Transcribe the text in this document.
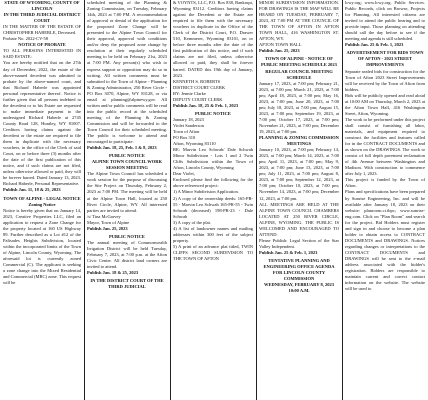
STATE OF WYOMING, COUNTY OF LINCOLN

IN THE THIRD JUDICIAL DISTRICT COURT

IN THE MATTER OF THE ESTATE OF CHRISTOPHER HABERLE, Deceased.

Probate No. 2022-CV-58

NOTICE OF PROBATE

TO ALL PERSONS INTERESTED IN SAID ESTATE:

You are hereby notified that on the 27th day of December, 2022, the estate of the above-named decedent was admitted to probate by the above-named court, and that Richard Haberle was appointed personal representative thereof. Notice is further given that all persons indebted to the decedent or to his Estate are requested to make immediate payment to the undersigned Richard Haberle at 2745 County Road 128, Huntley, WY 81007. Creditors having claims against the decedent or the estate are required to file them in duplicate with the necessary vouchers, in the office of the Clerk of said Court, on or before three (3) months after the date of the first publication of this notice, and if such claims are not filed, unless otherwise allowed or paid, they will be forever barred. Dated January 13, 2023. Richard Haberle, Personal Representative.

Publish Jan. 11, 18 & 25, 2023

TOWN OF ALPINE - LEGAL NOTICE

Zoning Notice

Notice is hereby given that on January 14, 2023, Creative Properties LLC, filed an application to request a Zone Change for the property located at 160 US Highway 89. Further described as a Lot #12 of the Palisades Heights Subdivision, located within the incorporated limits of the Town of Alpine, Lincoln County, Wyoming. The aforesaid lot is currently zoned Commercial (C). The applicant is seeking a zone change into the Mixed Residential and Commercial (MRC) zone. This request will be

scheduled meeting of the Planning & Zoning Commission, on Tuesday, February 14th, 2023 at 7:00 PM. A recommendation of approval or denial of the application for the proposed Zone Change will be presented to the Alpine Town Council for their approval, approval with conditions and/or deny the proposed zone change by resolution at their regularly scheduled meeting to be held on February 21st, 2023 at 7:00 PM. Any person(s) who wish to express support or opposition may do so in writing. All written comments must be submitted to the Town of Alpine - Planning & Zoning Administrator, 250 River Circle - PO Box 3070, Alpine, WY 83128, or via email at planning@alpinewy.gov. All written and/or public comments will be read into the public record at the scheduled meeting of the Planning & Zoning Commission and will be forwarded to the Town Council for their scheduled meeting. The public is welcome to attend and encouraged to participate.

Publish Jan. 18, 25, Feb. 1 & 8, 2023

PUBLIC NOTICE

ALPINE TOWN COUNCIL WORK SESSION MEETING

The Alpine Town Council has scheduled a work session for the purpose of discussing the Site Project on Thursday, February 2, 2023 at 7:00 PM. The meeting will be held at the Alpine Town Hall, located at 250 River Circle, Alpine, WY. All interested parties are invited to attend.

/s/ Tina McGarvey

Mayor, Town of Alpine

Publish Jan. 25, 2023

PUBLIC NOTICE

The annual meeting of Commonwealth Irrigation District will be held Tuesday, February 7, 2023, at 7:00 p.m. at the Afton Civic Center. All district land owners are invited to attend.

Publish Jan. 18 & 25, 2023

IN THE DISTRICT COURT OF THE THIRD JUDICIAL

& VOYNTS, LLC, P.O. Box 838, Bankrupt, Wyoming 83112. Creditors having claims against the Decedent or the Estate are required to file them with the necessary vouchers in duplicate in the Office of the Clerk of the District Court, P.O. Drawer 510, Kemmerer, Wyoming 83101, on or before three months after the date of the first publication of this notice, and if such claims are not filed, unless otherwise allowed or paid, they shall be forever barred. DATED this 19th day of January, 2023.

KENNETH S. ROBERTS

DISTRICT COURT CLERK

BY: Jennie Clarke

DEPUTY COURT CLERK

Publish Jan. 18, 25 & Feb. 1, 2023

PUBLIC NOTICE

January 18, 2023

Violet Sanderson

Town of Afton

PO Box 310

Afton, Wyoming 83110

RE: Marvin Leo Schwab/ Dale Schwab Minor Subdivision - Lots 1 and 2 Twin Cliffs Subdivision within the Town of Afton, Lincoln County, Wyoming

Dear Violet,

Enclosed please find the following for the above referenced project:

1) A Minor Subdivision Application.

2) A copy of the ownership deeds: 165-PR-55 - Marvin Leo Schwab 165-PR-55 - Twin Schwab (deceased) 198-PR-23 - Dale Schwab

3) A copy of the plat.

4) A list of landowner names and mailing addresses within 300 feet of the subject property.

5) A print of an advance plat titled, TWIN CLIFFS SECOND SUBDIVISION TO THE TOWN OF AFTON

MINOR SUBDIVISION INFORMATION. FOR DRAWINGS IS THE MAP WILL BE HEARD ON TUESDAY, FEBRUARY 7, 2023, AT 7:00 PM AT THE COUNCIL OF THE TOWN OF AFTON IN AFTON TOWN HALL, 416 WASHINGTON ST. AFTON, WY.

AFTON TOWN HALL

Publish Jan. 25, 2023

TOWN OF ALPINE - NOTICE OF PUBLIC MEETING SCHEDULE 2023

REGULAR COUNCIL MEETING SCHEDULE

January 17, 2023, at 7:00 pm; February 21, 2023, at 7:00 pm; March 21, 2023, at 7:00 pm; April 18, 2023, at 7:00 pm; May 16, 2023, at 7:00 pm; June 20, 2023, at 7:00 pm; July 18, 2023, at 7:00 pm; August 15, 2023, at 7:00 pm; September 19, 2023, at 7:00 pm; October 17, 2023, at 7:00 pm; November 21, 2023, at 7:00 pm; December 19, 2023, at 7:00 pm.

PLANNING & ZONING COMMISSION MEETINGS

January 10, 2023, at 7:00 pm; February 14, 2023, at 7:00 pm; March 14, 2023, at 7:00 pm; April 11, 2023, at 7:00 pm; May 9, 2023, at 7:00 pm; June 13, 2023, at 7:00 pm; July 11, 2023, at 7:00 pm; August 8, 2023, at 7:00 pm; September 12, 2023, at 7:00 pm; October 10, 2023, at 7:00 pm; November 14, 2023, at 7:00 pm; December 12, 2023, at 7:00 pm.

ALL MEETINGS ARE HELD AT THE ALPINE TOWN COUNCIL CHAMBERS LOCATED AT 250 RIVER CIRCLE, ALPINE, WYOMING. THE PUBLIC IS WELCOMED AND ENCOURAGED TO ATTEND.

Please Publish: Legal Section of the Star Valley Independent.

Publish Jan. 25 & Feb. 1, 2023

TENTATIVE PLANNING AND ENGINEERING OFFICE AGENDA FOR LINCOLN COUNTY COMMISSION

WEDNESDAY, FEBRUARY 8, 2023

10:00 A.M.

lcwy.org; www.lcwy.org. Public Services. Public Records, click on Browse, Projects for Planning. All interested citizens are invited to attend the public hearing and to provide input. Those planning on attending should call the day before to see if the meeting and agenda is still scheduled.

Publish Jan. 25 & Feb. 1, 2023

ADVERTISEMENT FOR BIDS TOWN OF AFTON - 2023 STREET IMPROVEMENTS

Separate sealed bids for construction for the Town of Afton 2023 Street Improvements will be received by the Town of Afton from bidders.

Bids will be publicly opened and read aloud at 10:00 AM on Thursday, March 2, 2023 at the Afton Town Hall, 416 Washington Street, Afton, Wyoming.

The work to be performed under this project shall consist of furnishing all labor, materials, and equipment required to construct the facilities and features called for in the CONTRACT DOCUMENTS and as shown on the DRAWINGS. The work to consist of full depth pavement reclamation of 4th Avenue between Washington and Madison. With construction to commence after July 1, 2023.

This project is funded by the Town of Afton.

Plans and specifications have been prepared by Sunrise Engineering, Inc. and will be available after January 18, 2023 on their website: planroom.ci.tbpc; www.sunrise-eng.com. Click on "Plan Room" and search for the project. Bid Holders must register and sign in and choose to become a plan holder to obtain access to CONTRACT DOCUMENTS and DRAWINGS. Notices regarding changes or interpretations to the CONTRACT DOCUMENTS and DRAWINGS will be sent to the e-mail address associated with the bidder's registration. Bidders are responsible to maintain current and correct contact information on the website. The website will be used to
